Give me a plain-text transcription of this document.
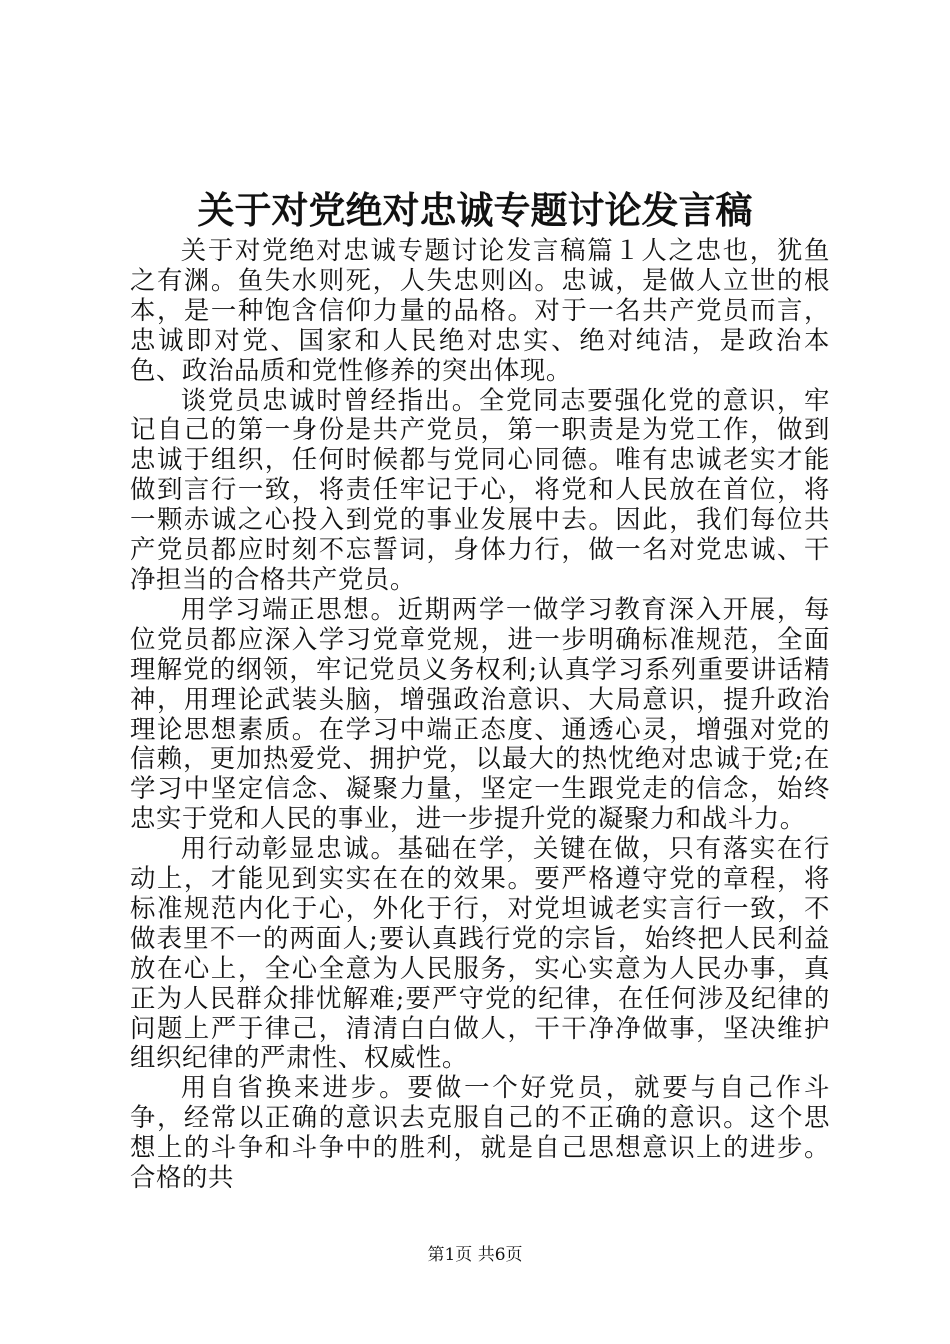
关于对党绝对忠诚专题讨论发言稿

关于对党绝对忠诚专题讨论发言稿篇１人之忠也，犹鱼之有渊。鱼失水则死，人失忠则凶。忠诚，是做人立世的根本，是一种饱含信仰力量的品格。对于一名共产党员而言，忠诚即对党、国家和人民绝对忠实、绝对纯洁，是政治本色、政治品质和党性修养的突出体现。

谈党员忠诚时曾经指出。全党同志要强化党的意识，牢记自己的第一身份是共产党员，第一职责是为党工作，做到忠诚于组织，任何时候都与党同心同德。唯有忠诚老实才能做到言行一致，将责任牢记于心，将党和人民放在首位，将一颗赤诚之心投入到党的事业发展中去。因此，我们每位共产党员都应时刻不忘誓词，身体力行，做一名对党忠诚、干净担当的合格共产党员。

用学习端正思想。近期两学一做学习教育深入开展，每位党员都应深入学习党章党规，进一步明确标准规范，全面理解党的纲领，牢记党员义务权利;认真学习系列重要讲话精神，用理论武装头脑，增强政治意识、大局意识，提升政治理论思想素质。在学习中端正态度、通透心灵，增强对党的信赖，更加热爱党、拥护党，以最大的热忱绝对忠诚于党;在学习中坚定信念、凝聚力量，坚定一生跟党走的信念，始终忠实于党和人民的事业，进一步提升党的凝聚力和战斗力。

用行动彰显忠诚。基础在学，关键在做，只有落实在行动上，才能见到实实在在的效果。要严格遵守党的章程，将标准规范内化于心，外化于行，对党坦诚老实言行一致，不做表里不一的两面人;要认真践行党的宗旨，始终把人民利益放在心上，全心全意为人民服务，实心实意为人民办事，真正为人民群众排忧解难;要严守党的纪律，在任何涉及纪律的问题上严于律己，清清白白做人，干干净净做事，坚决维护组织纪律的严肃性、权威性。

用自省换来进步。要做一个好党员，就要与自己作斗争，经常以正确的意识去克服自己的不正确的意识。这个思想上的斗争和斗争中的胜利，就是自己思想意识上的进步。合格的共

第1页 共6页
